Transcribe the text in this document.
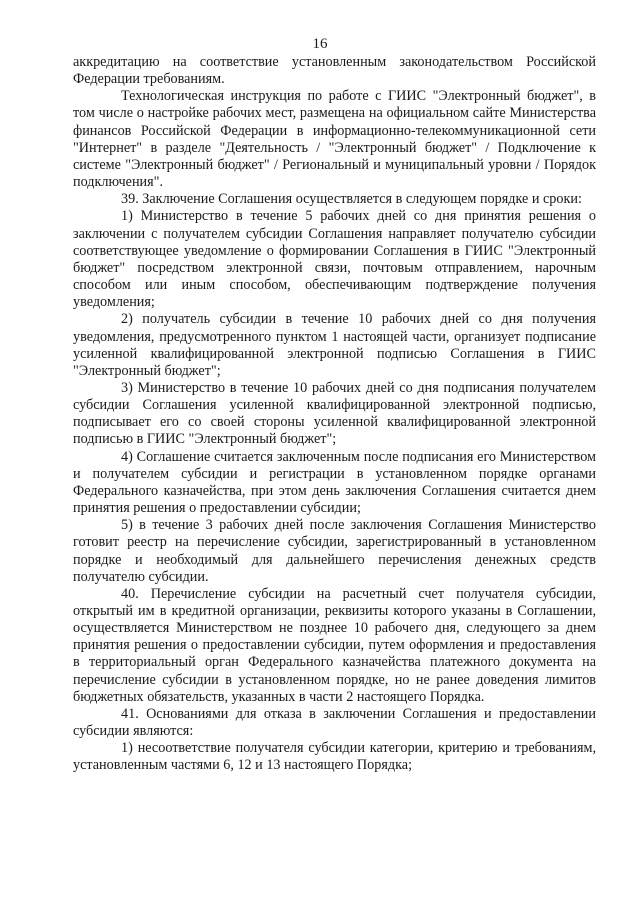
16

аккредитацию на соответствие установленным законодательством Российской Федерации требованиям.

Технологическая инструкция по работе с ГИИС "Электронный бюджет", в том числе о настройке рабочих мест, размещена на официальном сайте Министерства финансов Российской Федерации в информационно-телекоммуникационной сети "Интернет" в разделе "Деятельность / "Электронный бюджет" / Подключение к системе "Электронный бюджет" / Региональный и муниципальный уровни / Порядок подключения".

39. Заключение Соглашения осуществляется в следующем порядке и сроки:

1) Министерство в течение 5 рабочих дней со дня принятия решения о заключении с получателем субсидии Соглашения направляет получателю субсидии соответствующее уведомление о формировании Соглашения в ГИИС "Электронный бюджет" посредством электронной связи, почтовым отправлением, нарочным способом или иным способом, обеспечивающим подтверждение получения уведомления;

2) получатель субсидии в течение 10 рабочих дней со дня получения уведомления, предусмотренного пунктом 1 настоящей части, организует подписание усиленной квалифицированной электронной подписью Соглашения в ГИИС "Электронный бюджет";

3) Министерство в течение 10 рабочих дней со дня подписания получателем субсидии Соглашения усиленной квалифицированной электронной подписью, подписывает его со своей стороны усиленной квалифицированной электронной подписью в ГИИС "Электронный бюджет";

4) Соглашение считается заключенным после подписания его Министерством и получателем субсидии и регистрации в установленном порядке органами Федерального казначейства, при этом день заключения Соглашения считается днем принятия решения о предоставлении субсидии;

5) в течение 3 рабочих дней после заключения Соглашения Министерство готовит реестр на перечисление субсидии, зарегистрированный в установленном порядке и необходимый для дальнейшего перечисления денежных средств получателю субсидии.

40. Перечисление субсидии на расчетный счет получателя субсидии, открытый им в кредитной организации, реквизиты которого указаны в Соглашении, осуществляется Министерством не позднее 10 рабочего дня, следующего за днем принятия решения о предоставлении субсидии, путем оформления и предоставления в территориальный орган Федерального казначейства платежного документа на перечисление субсидии в установленном порядке, но не ранее доведения лимитов бюджетных обязательств, указанных в части 2 настоящего Порядка.

41. Основаниями для отказа в заключении Соглашения и предоставлении субсидии являются:

1) несоответствие получателя субсидии категории, критерию и требованиям, установленным частями 6, 12 и 13 настоящего Порядка;
